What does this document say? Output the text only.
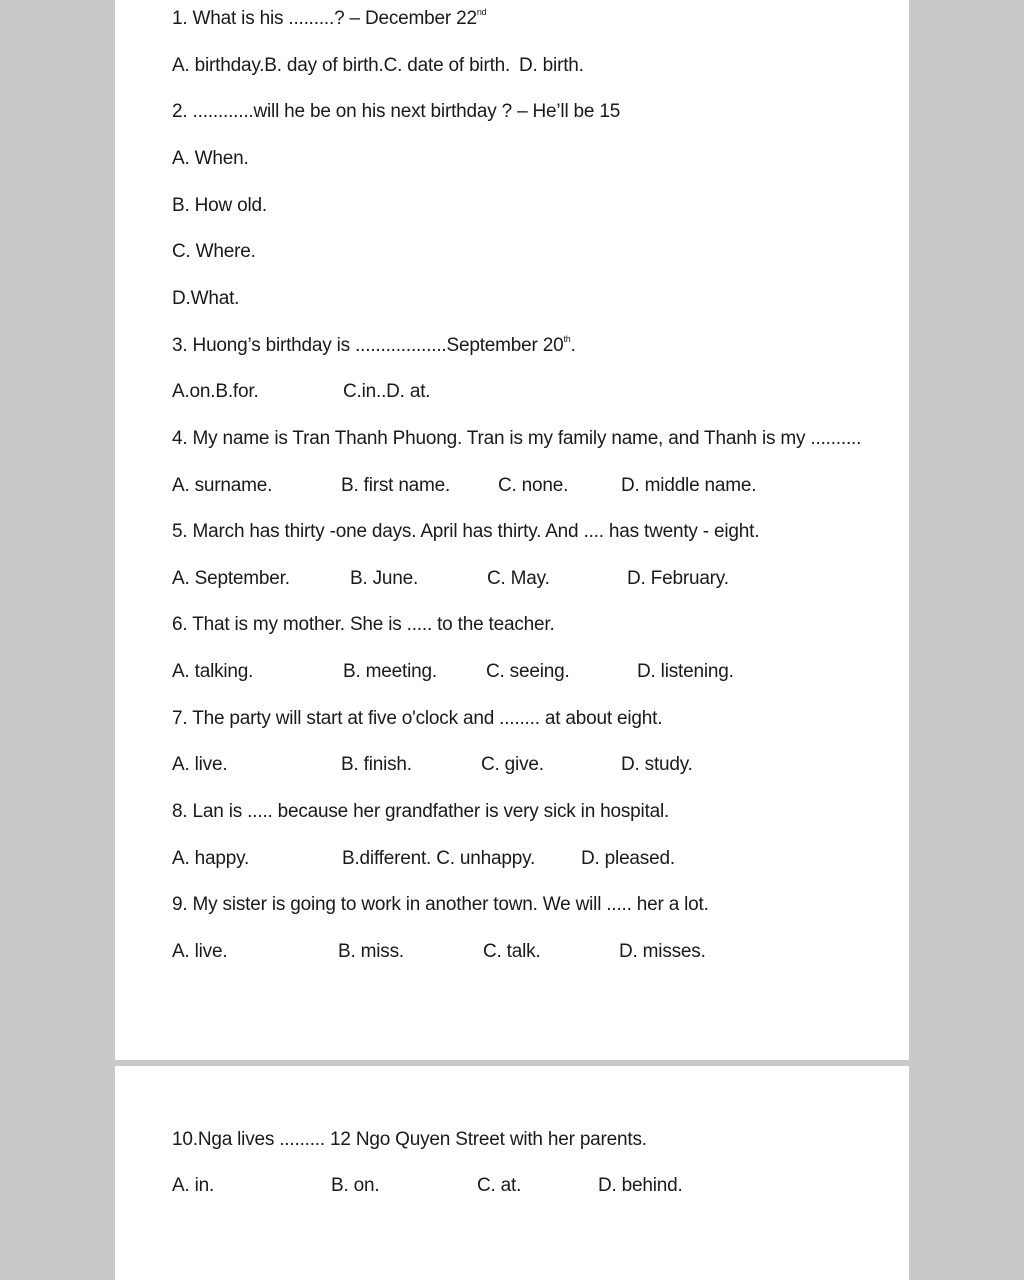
1. What is his .........? – December 22nd
A. birthday.B. day of birth.C. date of birth. D. birth.
2. ............will he be on his next birthday ? – He’ll be 15
A. When.
B. How old.
C. Where.
D.What.
3. Huong’s birthday is ..................September 20th.
A.on.B.for.	C.in..D. at.
4. My name is Tran Thanh Phuong. Tran is my family name, and Thanh is my ..........
A. surname.	B. first name.	C. none.	D. middle name.
5. March has thirty -one days. April has thirty. And .... has twenty - eight.
A. September.	B. June.	C. May.	D. February.
6. That is my mother. She is ..... to the teacher.
A. talking.	B. meeting.	C. seeing.	D. listening.
7. The party will start at five o'clock and ........ at about eight.
A. live.	B. finish.	C. give.	D. study.
8. Lan is ..... because her grandfather is very sick in hospital.
A. happy.	B.different. C. unhappy. D. pleased.
9. My sister is going to work in another town. We will ..... her a lot.
A. live.	B. miss.	C. talk.	D. misses.
10.Nga lives ......... 12 Ngo Quyen Street with her parents.
A. in.	B. on.	C. at.	D. behind.
